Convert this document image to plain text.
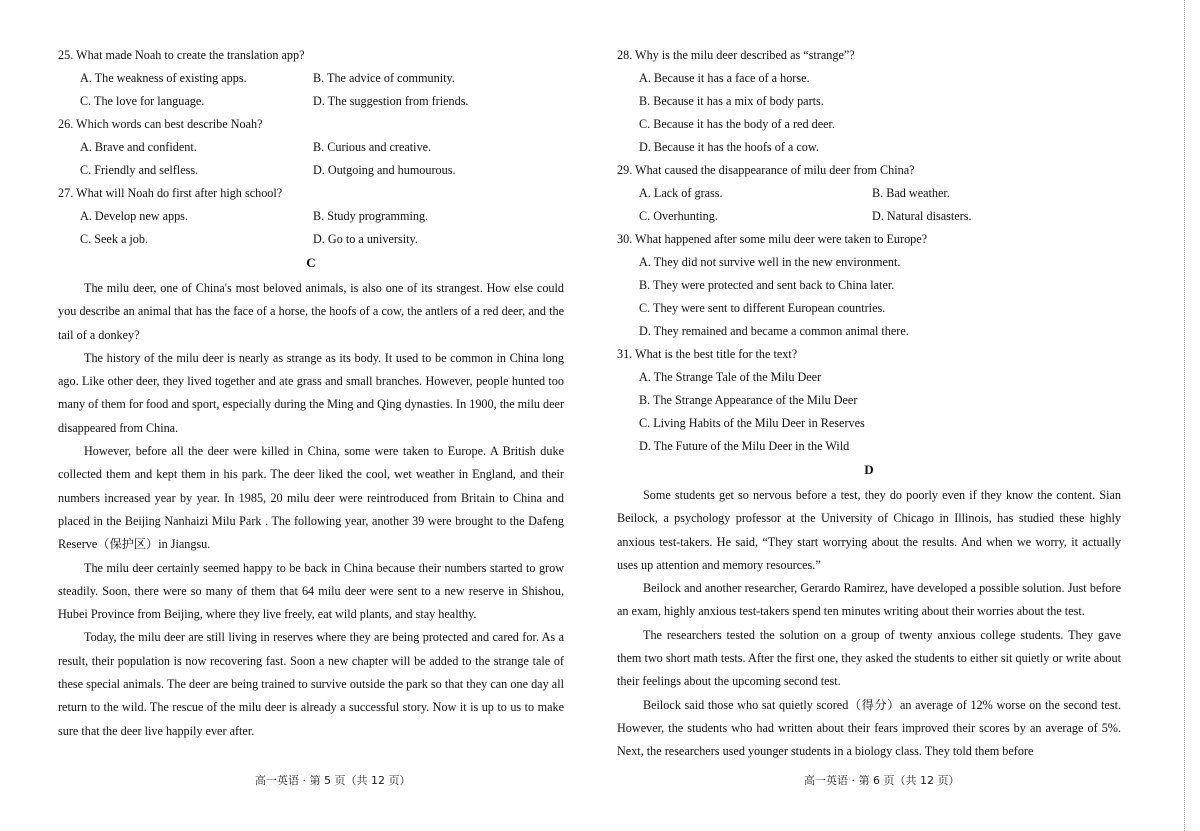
25. What made Noah to create the translation app?

A. The weakness of existing apps.	B. The advice of community.
C. The love for language.	D. The suggestion from friends.

26. Which words can best describe Noah?

A. Brave and confident.	B. Curious and creative.
C. Friendly and selfless.	D. Outgoing and humourous.

27. What will Noah do first after high school?

A. Develop new apps.	B. Study programming.
C. Seek a job.	D. Go to a university.

C

The milu deer, one of China's most beloved animals, is also one of its strangest. How else could you describe an animal that has the face of a horse, the hoofs of a cow, the antlers of a red deer, and the tail of a donkey?

The history of the milu deer is nearly as strange as its body. It used to be common in China long ago. Like other deer, they lived together and ate grass and small branches. However, people hunted too many of them for food and sport, especially during the Ming and Qing dynasties. In 1900, the milu deer disappeared from China.

However, before all the deer were killed in China, some were taken to Europe. A British duke collected them and kept them in his park. The deer liked the cool, wet weather in England, and their numbers increased year by year. In 1985, 20 milu deer were reintroduced from Britain to China and placed in the Beijing Nanhaizi Milu Park . The following year, another 39 were brought to the Dafeng Reserve（保护区）in Jiangsu.

The milu deer certainly seemed happy to be back in China because their numbers started to grow steadily. Soon, there were so many of them that 64 milu deer were sent to a new reserve in Shishou, Hubei Province from Beijing, where they live freely, eat wild plants, and stay healthy.

Today, the milu deer are still living in reserves where they are being protected and cared for. As a result, their population is now recovering fast. Soon a new chapter will be added to the strange tale of these special animals. The deer are being trained to survive outside the park so that they can one day all return to the wild. The rescue of the milu deer is already a successful story. Now it is up to us to make sure that the deer live happily ever after.

高一英语 · 第 5 页（共 12 页）

28. Why is the milu deer described as “strange”?

A. Because it has a face of a horse.
B. Because it has a mix of body parts.
C. Because it has the body of a red deer.
D. Because it has the hoofs of a cow.

29. What caused the disappearance of milu deer from China?

A. Lack of grass.	B. Bad weather.
C. Overhunting.	D. Natural disasters.

30. What happened after some milu deer were taken to Europe?

A. They did not survive well in the new environment.
B. They were protected and sent back to China later.
C. They were sent to different European countries.
D. They remained and became a common animal there.

31. What is the best title for the text?

A. The Strange Tale of the Milu Deer
B. The Strange Appearance of the Milu Deer
C. Living Habits of the Milu Deer in Reserves
D. The Future of the Milu Deer in the Wild

D

Some students get so nervous before a test, they do poorly even if they know the content. Sian Beilock, a psychology professor at the University of Chicago in Illinois, has studied these highly anxious test-takers. He said, “They start worrying about the results. And when we worry, it actually uses up attention and memory resources.”

Beilock and another researcher, Gerardo Ramirez, have developed a possible solution. Just before an exam, highly anxious test-takers spend ten minutes writing about their worries about the test.

The researchers tested the solution on a group of twenty anxious college students. They gave them two short math tests. After the first one, they asked the students to either sit quietly or write about their feelings about the upcoming second test.

Beilock said those who sat quietly scored（得分）an average of 12% worse on the second test. However, the students who had written about their fears improved their scores by an average of 5%. Next, the researchers used younger students in a biology class. They told them before

高一英语 · 第 6 页（共 12 页）
